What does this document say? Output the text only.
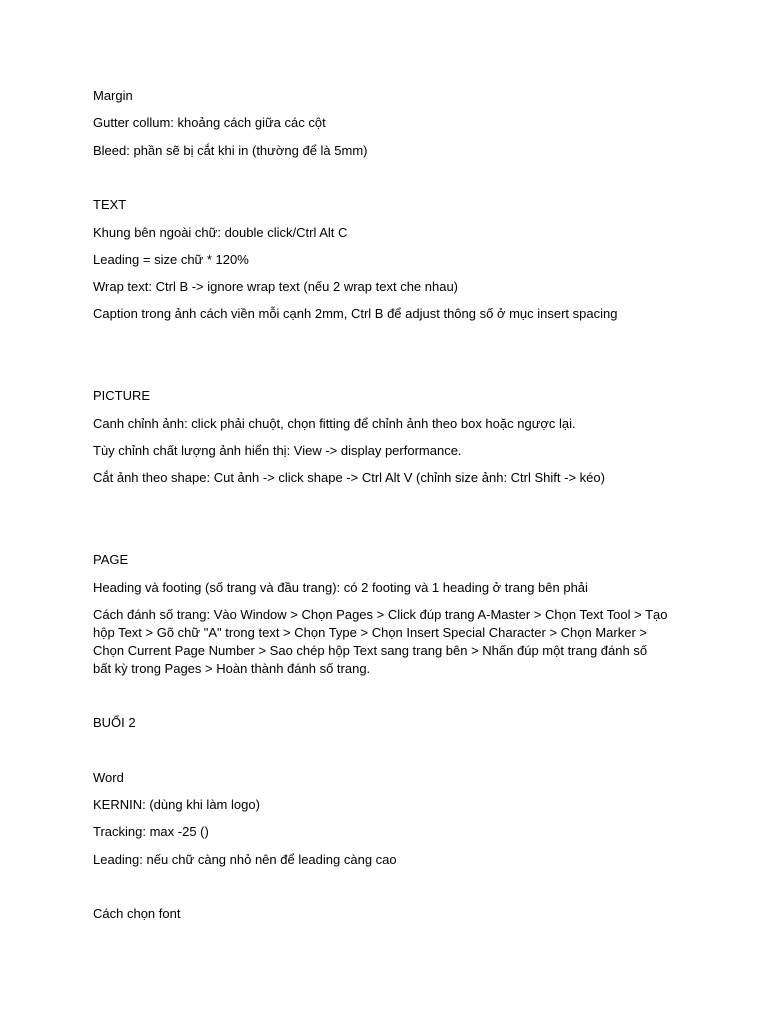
Margin
Gutter collum: khoảng cách giữa các cột
Bleed: phần sẽ bị cắt khi in (thường để là 5mm)
TEXT
Khung bên ngoài chữ: double click/Ctrl Alt C
Leading = size chữ * 120%
Wrap text: Ctrl B -> ignore wrap text (nếu 2 wrap text che nhau)
Caption trong ảnh cách viền mỗi cạnh 2mm, Ctrl B để adjust thông số ở mục insert spacing
PICTURE
Canh chỉnh ảnh: click phải chuột, chọn fitting để chỉnh ảnh theo box hoặc ngược lại.
Tùy chỉnh chất lượng ảnh hiển thị: View -> display performance.
Cắt ảnh theo shape: Cut ảnh -> click shape -> Ctrl Alt V (chỉnh size ảnh: Ctrl Shift -> kéo)
PAGE
Heading và footing (số trang và đầu trang): có 2 footing và 1 heading ở trang bên phải
Cách đánh số trang: Vào Window > Chọn Pages > Click đúp trang A-Master > Chọn Text Tool > Tạo hộp Text > Gõ chữ "A" trong text > Chọn Type > Chọn Insert Special Character > Chọn Marker > Chọn Current Page Number > Sao chép hộp Text sang trang bên > Nhấn đúp một trang đánh số bất kỳ trong Pages > Hoàn thành đánh số trang.
BUỔI 2
Word
KERNIN: (dùng khi làm logo)
Tracking: max -25 ()
Leading: nếu chữ càng nhỏ nên để leading càng cao
Cách chọn font
